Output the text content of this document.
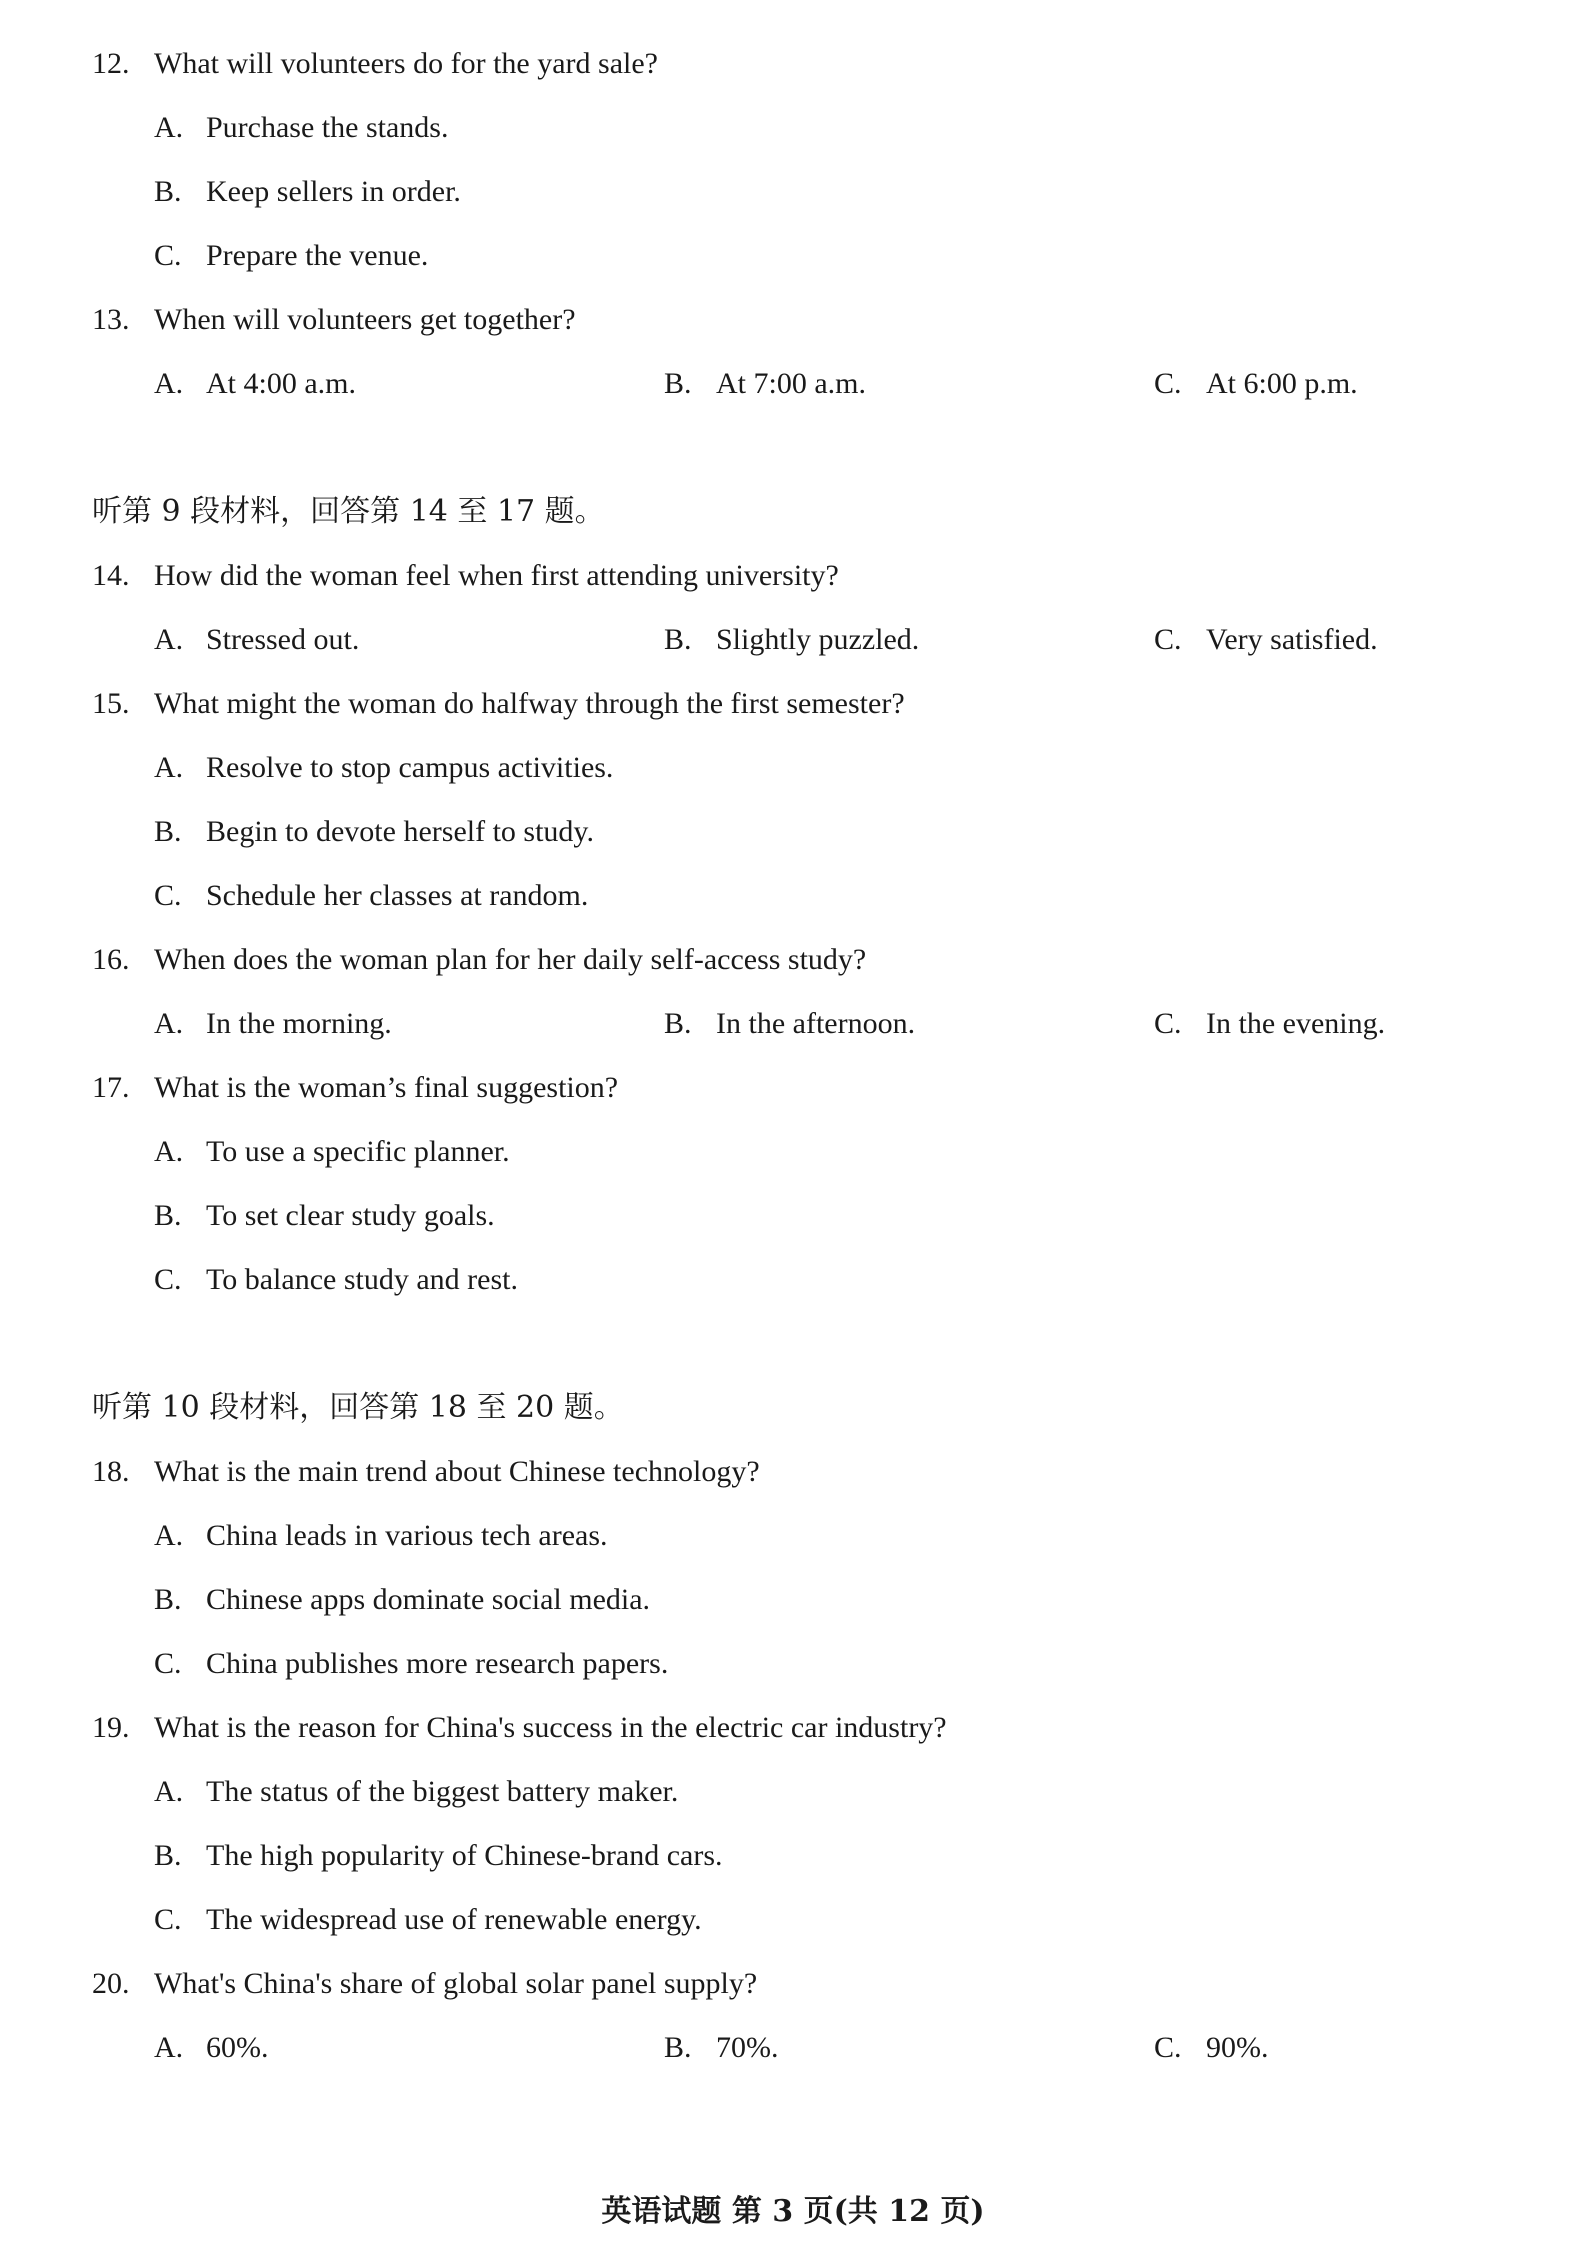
12. What will volunteers do for the yard sale?
A. Purchase the stands.
B. Keep sellers in order.
C. Prepare the venue.
13. When will volunteers get together?
A. At 4:00 a.m.	B. At 7:00 a.m.	C. At 6:00 p.m.
听第 9 段材料，回答第 14 至 17 题。
14. How did the woman feel when first attending university?
A. Stressed out.	B. Slightly puzzled.	C. Very satisfied.
15. What might the woman do halfway through the first semester?
A. Resolve to stop campus activities.
B. Begin to devote herself to study.
C. Schedule her classes at random.
16. When does the woman plan for her daily self-access study?
A. In the morning.	B. In the afternoon.	C. In the evening.
17. What is the woman’s final suggestion?
A. To use a specific planner.
B. To set clear study goals.
C. To balance study and rest.
听第 10 段材料，回答第 18 至 20 题。
18. What is the main trend about Chinese technology?
A. China leads in various tech areas.
B. Chinese apps dominate social media.
C. China publishes more research papers.
19. What is the reason for China's success in the electric car industry?
A. The status of the biggest battery maker.
B. The high popularity of Chinese-brand cars.
C. The widespread use of renewable energy.
20. What's China's share of global solar panel supply?
A. 60%.	B. 70%.	C. 90%.
英语试题 第 3 页(共 12 页)
